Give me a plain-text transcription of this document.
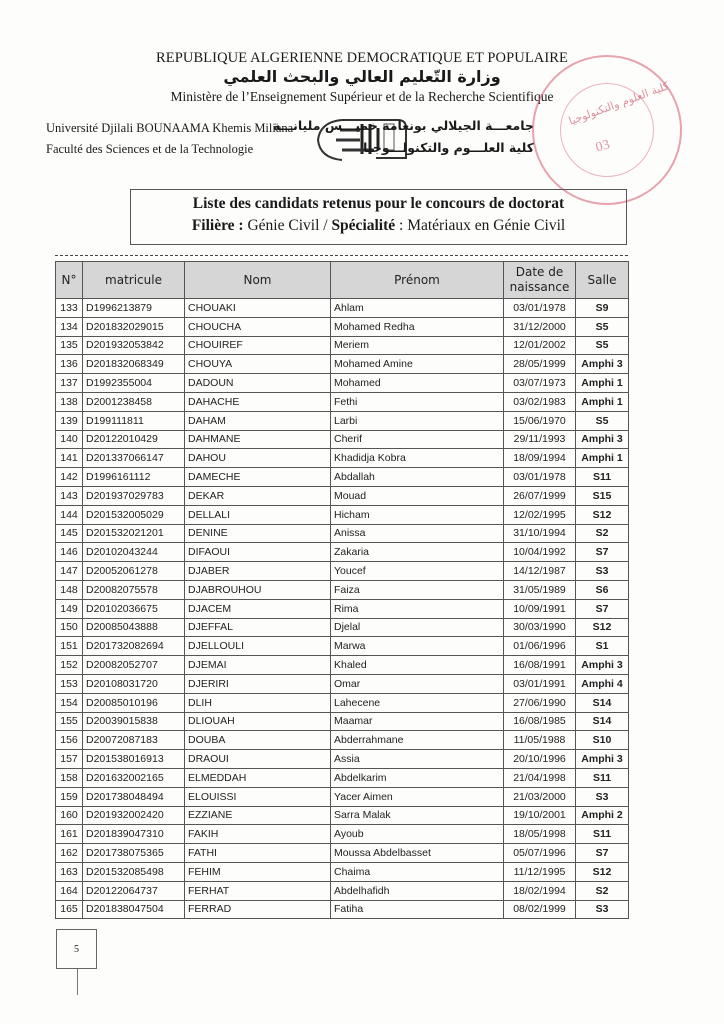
REPUBLIQUE ALGERIENNE DEMOCRATIQUE ET POPULAIRE
وزارة التّعليم العالي والبحث العلمي
Ministère de l’Enseignement Supérieur et de la Recherche Scientifique
Université Djilali BOUNAAMA Khemis Miliana
Faculté des Sciences et de la Technologie
جامعـــة الجيلالي بونعامة خميـــس مليانـــة
كلية العلـــوم والتكنولـــوجيا
كلية العلوم والتكنولوجيا
03
Liste des candidats retenus pour le concours de doctorat
Filière : Génie Civil / Spécialité : Matériaux en Génie Civil
N°	matricule	Nom	Prénom	Date de naissance	Salle
133	D1996213879	CHOUAKI	Ahlam	03/01/1978	S9
134	D201832029015	CHOUCHA	Mohamed Redha	31/12/2000	S5
135	D201932053842	CHOUIREF	Meriem	12/01/2002	S5
136	D201832068349	CHOUYA	Mohamed Amine	28/05/1999	Amphi 3
137	D1992355004	DADOUN	Mohamed	03/07/1973	Amphi 1
138	D2001238458	DAHACHE	Fethi	03/02/1983	Amphi 1
139	D199111811	DAHAM	Larbi	15/06/1970	S5
140	D20122010429	DAHMANE	Cherif	29/11/1993	Amphi 3
141	D201337066147	DAHOU	Khadidja Kobra	18/09/1994	Amphi 1
142	D1996161112	DAMECHE	Abdallah	03/01/1978	S11
143	D201937029783	DEKAR	Mouad	26/07/1999	S15
144	D201532005029	DELLALI	Hicham	12/02/1995	S12
145	D201532021201	DENINE	Anissa	31/10/1994	S2
146	D20102043244	DIFAOUI	Zakaria	10/04/1992	S7
147	D20052061278	DJABER	Youcef	14/12/1987	S3
148	D20082075578	DJABROUHOU	Faiza	31/05/1989	S6
149	D20102036675	DJACEM	Rima	10/09/1991	S7
150	D20085043888	DJEFFAL	Djelal	30/03/1990	S12
151	D201732082694	DJELLOULI	Marwa	01/06/1996	S1
152	D20082052707	DJEMAI	Khaled	16/08/1991	Amphi 3
153	D20108031720	DJERIRI	Omar	03/01/1991	Amphi 4
154	D20085010196	DLIH	Lahecene	27/06/1990	S14
155	D20039015838	DLIOUAH	Maamar	16/08/1985	S14
156	D20072087183	DOUBA	Abderrahmane	11/05/1988	S10
157	D201538016913	DRAOUI	Assia	20/10/1996	Amphi 3
158	D201632002165	ELMEDDAH	Abdelkarim	21/04/1998	S11
159	D201738048494	ELOUISSI	Yacer Aimen	21/03/2000	S3
160	D201932002420	EZZIANE	Sarra Malak	19/10/2001	Amphi 2
161	D201839047310	FAKIH	Ayoub	18/05/1998	S11
162	D201738075365	FATHI	Moussa Abdelbasset	05/07/1996	S7
163	D201532085498	FEHIM	Chaima	11/12/1995	S12
164	D20122064737	FERHAT	Abdelhafidh	18/02/1994	S2
165	D201838047504	FERRAD	Fatiha	08/02/1999	S3
5
